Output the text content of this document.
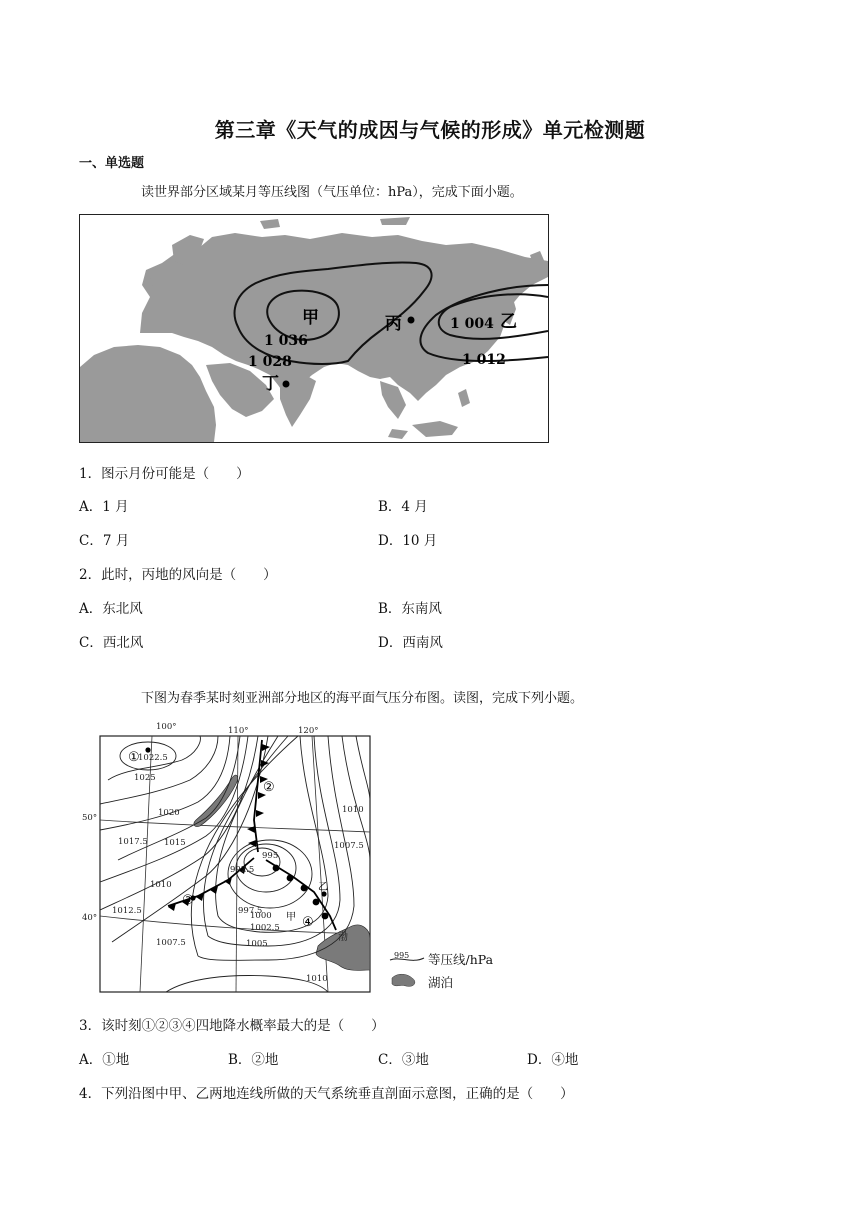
第三章《天气的成因与气候的形成》单元检测题
一、单选题
读世界部分区域某月等压线图（气压单位：hPa），完成下面小题。
甲
1 036
1 028
丁
丙	1 004 乙
1 012
1．图示月份可能是（　　）
A．1 月	B．4 月
C．7 月	D．10 月
2．此时，丙地的风向是（　　）
A．东北风	B．东南风
C．西北风	D．西南风
下图为春季某时刻亚洲部分地区的海平面气压分布图。读图，完成下列小题。
①
②
③
④
甲
乙
100°	110°	120°
50°
40°
1022.5
1025
1020
1017.5 1015
1010
1012.5
1007.5
995
992.5
997.5
1000
1002.5
1005
1010
1007.5
1010
渤
995 等压线/hPa
湖泊
3．该时刻①②③④四地降水概率最大的是（　　）
A．①地	B．②地	C．③地	D．④地
4．下列沿图中甲、乙两地连线所做的天气系统垂直剖面示意图，正确的是（　　）
